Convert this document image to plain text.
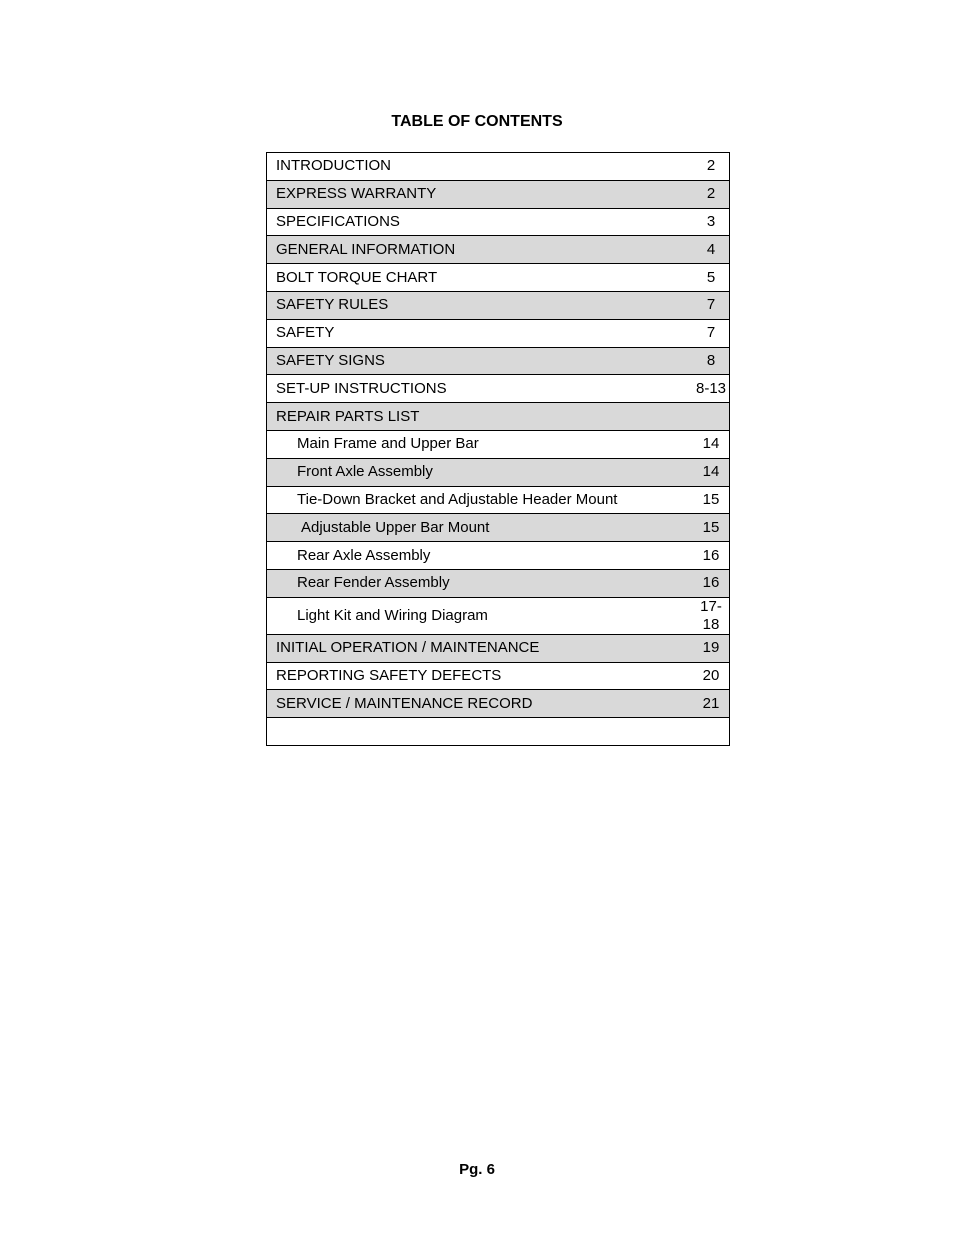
TABLE OF CONTENTS
INTRODUCTION	2
EXPRESS WARRANTY	2
SPECIFICATIONS	3
GENERAL INFORMATION	4
BOLT TORQUE CHART	5
SAFETY RULES	7
SAFETY	7
SAFETY SIGNS	8
SET-UP INSTRUCTIONS	8-13
REPAIR PARTS LIST	
Main Frame and Upper Bar	14
Front Axle Assembly	14
Tie-Down Bracket and Adjustable Header Mount	15
Adjustable Upper Bar Mount	15
Rear Axle Assembly	16
Rear Fender Assembly	16
Light Kit and Wiring Diagram	17-18
INITIAL OPERATION / MAINTENANCE	19
REPORTING SAFETY DEFECTS	20
SERVICE / MAINTENANCE RECORD	21

Pg. 6
